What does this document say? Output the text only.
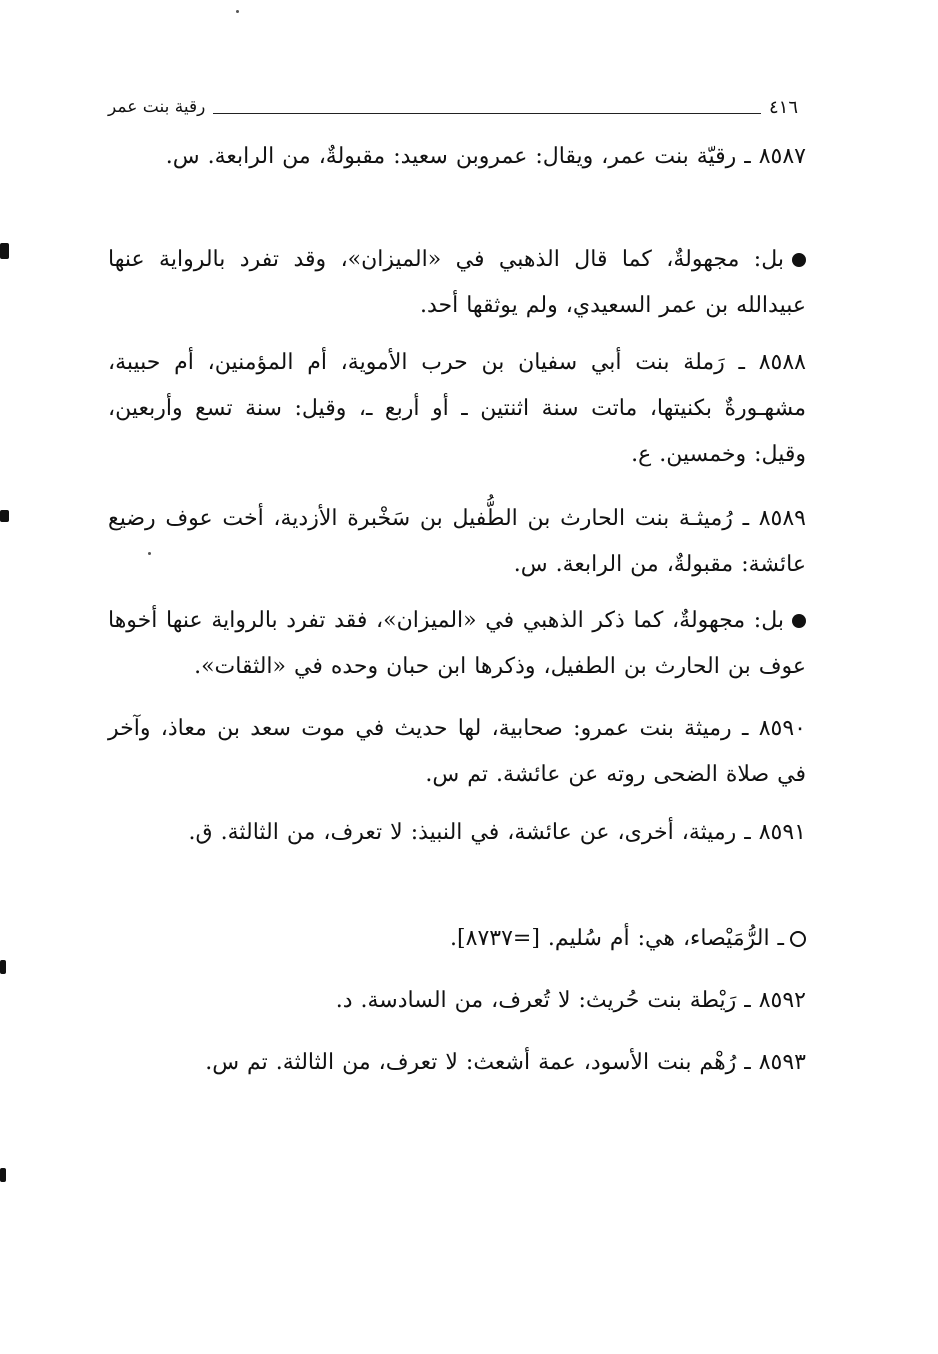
٤١٦
رقية بنت عمر

٨٥٨٧ ـ رقيّة بنت عمر، ويقال: عمروبن سعيد: مقبولةٌ، من الرابعة. س.

بل: مجهولةٌ، كما قال الذهبي في «الميزان»، وقد تفرد بالرواية عنها عبيدالله بن عمر السعيدي، ولم يوثقها أحد.

٨٥٨٨ ـ رَملة بنت أبي سفيان بن حرب الأموية، أم المؤمنين، أم حبيبة، مشهـورةٌ بكنيتها، ماتت سنة اثنتين ـ أو أربع ـ، وقيل: سنة تسع وأربعين، وقيل: وخمسين. ع.

٨٥٨٩ ـ رُميثـة بنت الحارث بن الطُّفيل بن سَخْبرة الأزدية، أخت عوف رضيع عائشة: مقبولةٌ، من الرابعة. س.

بل: مجهولةٌ، كما ذكر الذهبي في «الميزان»، فقد تفرد بالرواية عنها أخوها عوف بن الحارث بن الطفيل، وذكرها ابن حبان وحده في «الثقات».

٨٥٩٠ ـ رميثة بنت عمرو: صحابية، لها حديث في موت سعد بن معاذ، وآخر في صلاة الضحى روته عن عائشة. تم س.

٨٥٩١ ـ رميثة، أخرى، عن عائشة، في النبيذ: لا تعرف، من الثالثة. ق.

ـ الرُّمَيْصاء، هي: أم سُليم. [=٨٧٣٧].

٨٥٩٢ ـ رَيْطة بنت حُريث: لا تُعرف، من السادسة. د.

٨٥٩٣ ـ رُهْم بنت الأسود، عمة أشعث: لا تعرف، من الثالثة. تم س.
